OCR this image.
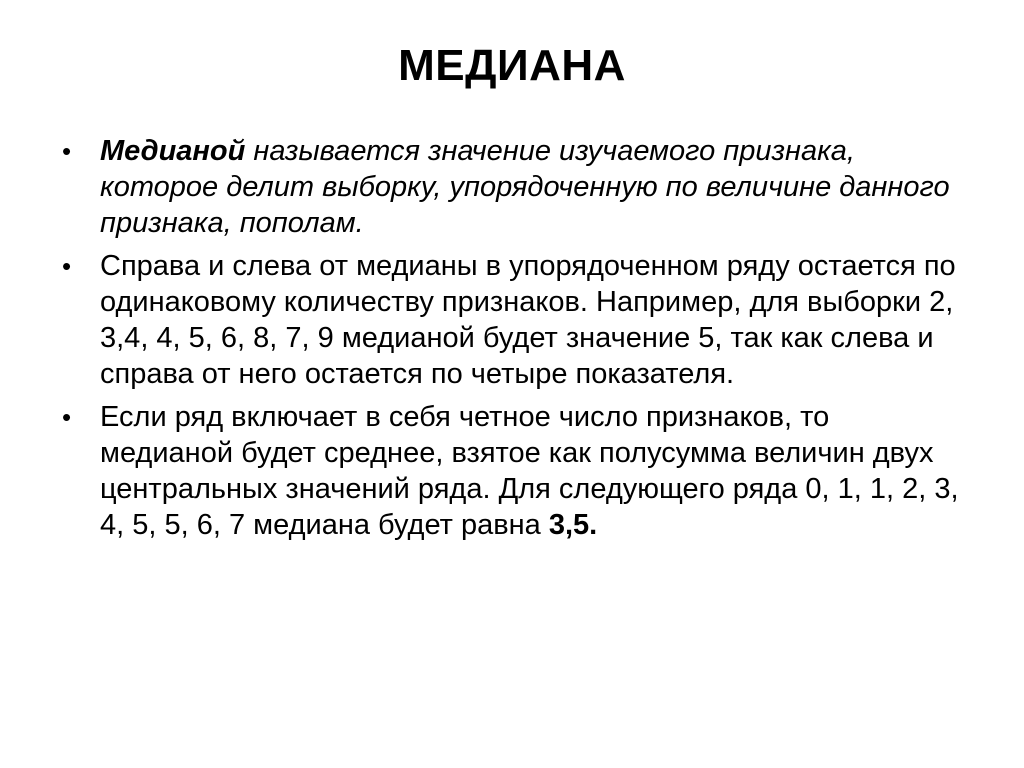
МЕДИАНА
• Медианой называется значение изучаемого признака, которое делит выборку, упорядоченную по величине данного признака, пополам.
• Справа и слева от медианы в упорядоченном ряду остается по одинаковому количеству признаков. Например, для выборки 2, 3,4, 4, 5, 6, 8, 7, 9 медианой будет значение 5, так как слева и справа от него остается по четыре показателя.
• Если ряд включает в себя четное число признаков, то медианой будет среднее, взятое как полусумма величин двух центральных значений ряда. Для следующего ряда 0, 1, 1, 2, 3, 4, 5, 5, 6, 7 медиана будет равна 3,5.
